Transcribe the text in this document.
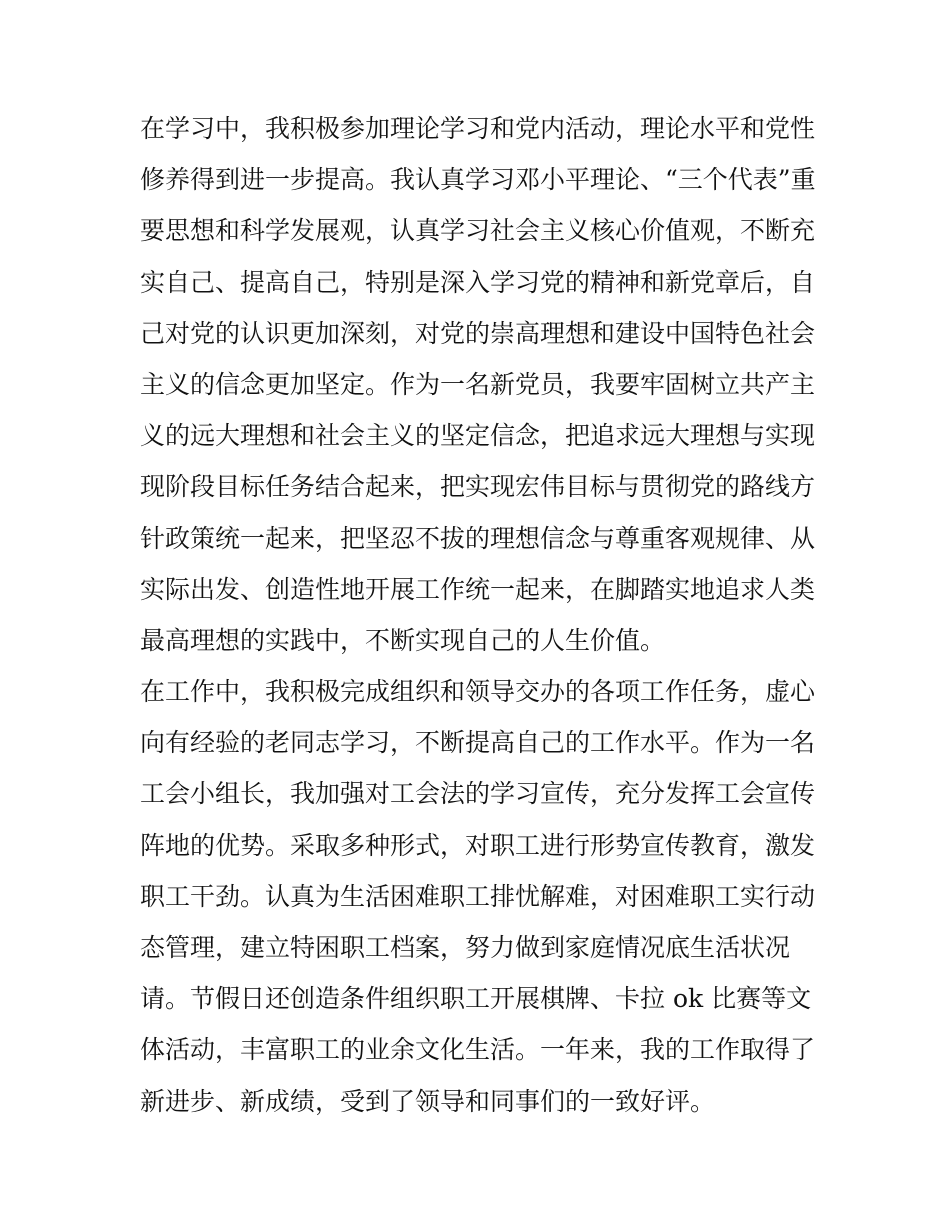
在学习中，我积极参加理论学习和党内活动，理论水平和党性

修养得到进一步提高。我认真学习邓小平理论、“三个代表”重

要思想和科学发展观，认真学习社会主义核心价值观，不断充

实自己、提高自己，特别是深入学习党的精神和新党章后，自

己对党的认识更加深刻，对党的崇高理想和建设中国特色社会

主义的信念更加坚定。作为一名新党员，我要牢固树立共产主

义的远大理想和社会主义的坚定信念，把追求远大理想与实现

现阶段目标任务结合起来，把实现宏伟目标与贯彻党的路线方

针政策统一起来，把坚忍不拔的理想信念与尊重客观规律、从

实际出发、创造性地开展工作统一起来，在脚踏实地追求人类

最高理想的实践中，不断实现自己的人生价值。

在工作中，我积极完成组织和领导交办的各项工作任务，虚心

向有经验的老同志学习，不断提高自己的工作水平。作为一名

工会小组长，我加强对工会法的学习宣传，充分发挥工会宣传

阵地的优势。采取多种形式，对职工进行形势宣传教育，激发

职工干劲。认真为生活困难职工排忧解难，对困难职工实行动

态管理，建立特困职工档案，努力做到家庭情况底生活状况

请。节假日还创造条件组织职工开展棋牌、卡拉 ok 比赛等文

体活动，丰富职工的业余文化生活。一年来，我的工作取得了

新进步、新成绩，受到了领导和同事们的一致好评。
